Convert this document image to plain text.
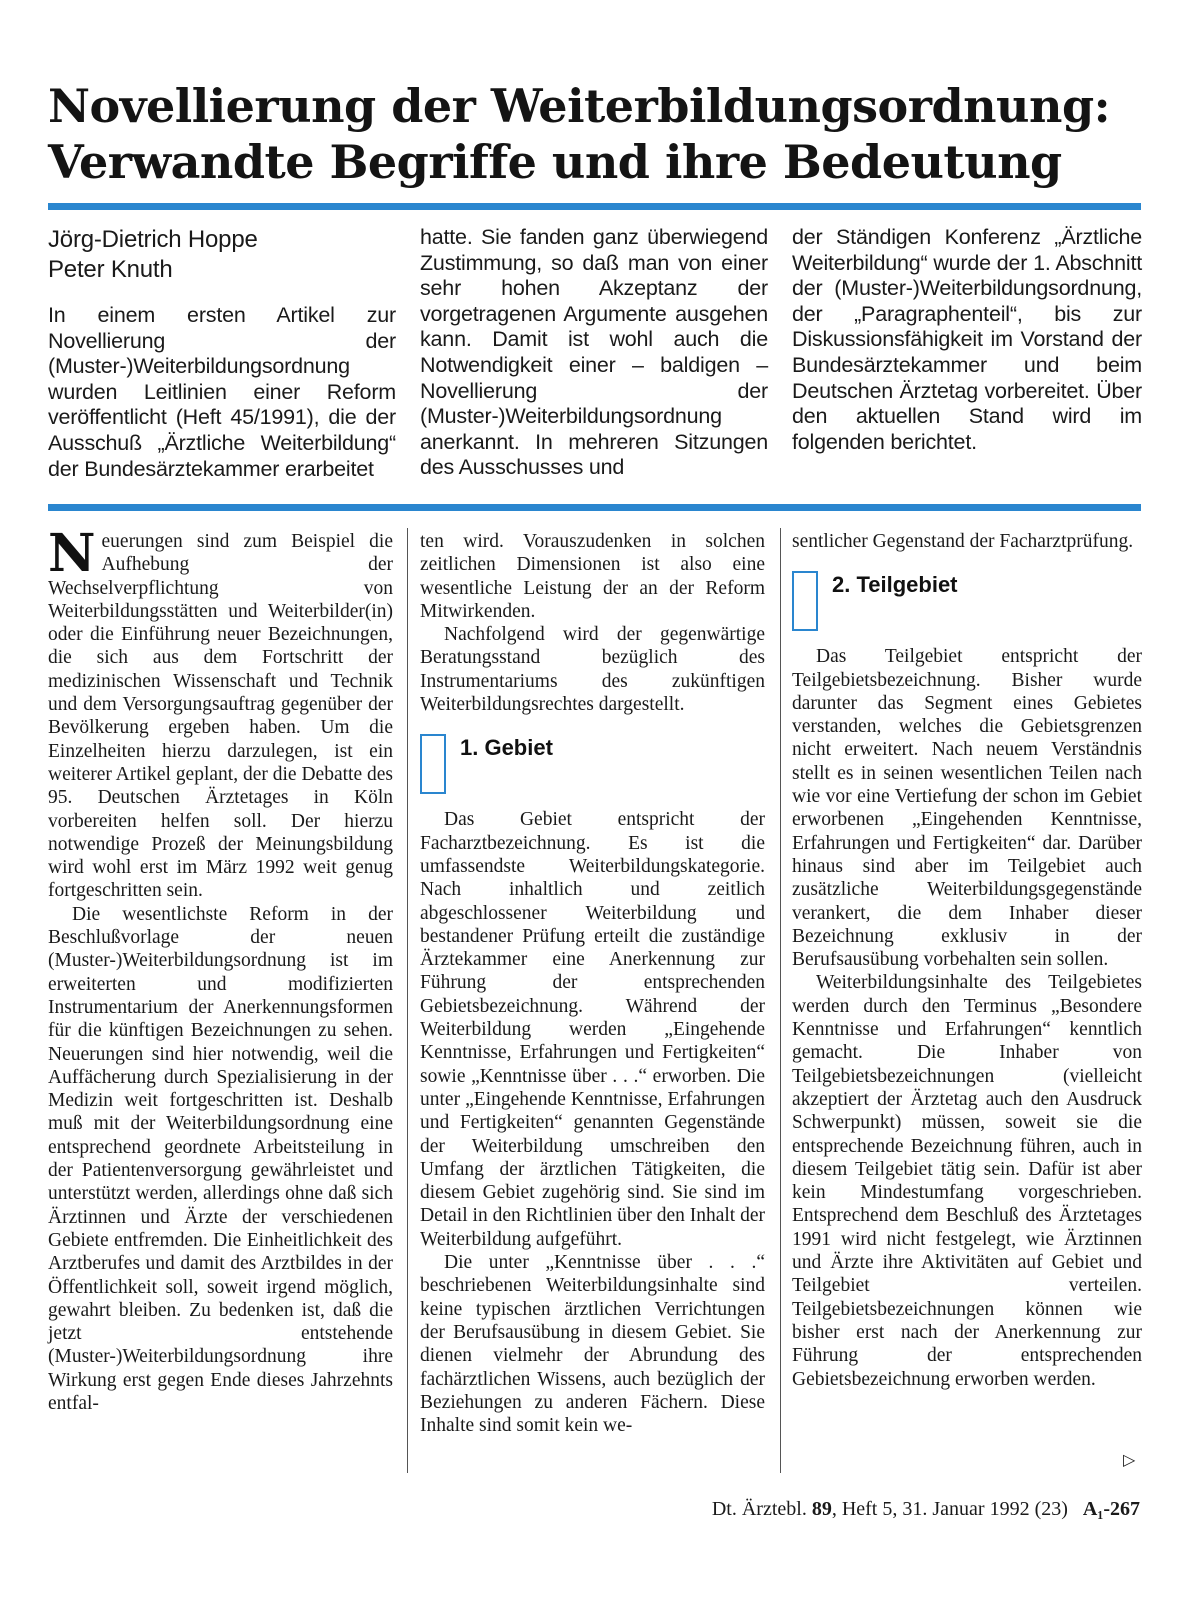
Novellierung der Weiterbildungsordnung:
Verwandte Begriffe und ihre Bedeutung
Jörg-Dietrich Hoppe
Peter Knuth

In einem ersten Artikel zur Novellierung der (Muster-)Weiterbildungsordnung wurden Leitlinien einer Reform veröffentlicht (Heft 45/1991), die der Ausschuß „Ärztliche Weiterbildung“ der Bundesärztekammer erarbeitet

hatte. Sie fanden ganz überwiegend Zustimmung, so daß man von einer sehr hohen Akzeptanz der vorgetragenen Argumente ausgehen kann. Damit ist wohl auch die Notwendigkeit einer – baldigen – Novellierung der (Muster-)Weiterbildungsordnung anerkannt. In mehreren Sitzungen des Ausschusses und

der Ständigen Konferenz „Ärztliche Weiterbildung“ wurde der 1. Abschnitt der (Muster-)Weiterbildungsordnung, der „Paragraphenteil“, bis zur Diskussionsfähigkeit im Vorstand der Bundesärztekammer und beim Deutschen Ärztetag vorbereitet. Über den aktuellen Stand wird im folgenden berichtet.

Neuerungen sind zum Beispiel die Aufhebung der Wechselverpflichtung von Weiterbildungsstätten und Weiterbilder(in) oder die Einführung neuer Bezeichnungen, die sich aus dem Fortschritt der medizinischen Wissenschaft und Technik und dem Versorgungsauftrag gegenüber der Bevölkerung ergeben haben. Um die Einzelheiten hierzu darzulegen, ist ein weiterer Artikel geplant, der die Debatte des 95. Deutschen Ärztetages in Köln vorbereiten helfen soll. Der hierzu notwendige Prozeß der Meinungsbildung wird wohl erst im März 1992 weit genug fortgeschritten sein.

Die wesentlichste Reform in der Beschlußvorlage der neuen (Muster-)Weiterbildungsordnung ist im erweiterten und modifizierten Instrumentarium der Anerkennungsformen für die künftigen Bezeichnungen zu sehen. Neuerungen sind hier notwendig, weil die Auffächerung durch Spezialisierung in der Medizin weit fortgeschritten ist. Deshalb muß mit der Weiterbildungsordnung eine entsprechend geordnete Arbeitsteilung in der Patientenversorgung gewährleistet und unterstützt werden, allerdings ohne daß sich Ärztinnen und Ärzte der verschiedenen Gebiete entfremden. Die Einheitlichkeit des Arztberufes und damit des Arztbildes in der Öffentlichkeit soll, soweit irgend möglich, gewahrt bleiben. Zu bedenken ist, daß die jetzt entstehende (Muster-)Weiterbildungsordnung ihre Wirkung erst gegen Ende dieses Jahrzehnts entfal-

ten wird. Vorauszudenken in solchen zeitlichen Dimensionen ist also eine wesentliche Leistung der an der Reform Mitwirkenden.

Nachfolgend wird der gegenwärtige Beratungsstand bezüglich des Instrumentariums des zukünftigen Weiterbildungsrechtes dargestellt.

1. Gebiet

Das Gebiet entspricht der Facharztbezeichnung. Es ist die umfassendste Weiterbildungskategorie. Nach inhaltlich und zeitlich abgeschlossener Weiterbildung und bestandener Prüfung erteilt die zuständige Ärztekammer eine Anerkennung zur Führung der entsprechenden Gebietsbezeichnung. Während der Weiterbildung werden „Eingehende Kenntnisse, Erfahrungen und Fertigkeiten“ sowie „Kenntnisse über . . .“ erworben. Die unter „Eingehende Kenntnisse, Erfahrungen und Fertigkeiten“ genannten Gegenstände der Weiterbildung umschreiben den Umfang der ärztlichen Tätigkeiten, die diesem Gebiet zugehörig sind. Sie sind im Detail in den Richtlinien über den Inhalt der Weiterbildung aufgeführt.

Die unter „Kenntnisse über . . .“ beschriebenen Weiterbildungsinhalte sind keine typischen ärztlichen Verrichtungen der Berufsausübung in diesem Gebiet. Sie dienen vielmehr der Abrundung des fachärztlichen Wissens, auch bezüglich der Beziehungen zu anderen Fächern. Diese Inhalte sind somit kein we-

sentlicher Gegenstand der Facharztprüfung.

2. Teilgebiet

Das Teilgebiet entspricht der Teilgebietsbezeichnung. Bisher wurde darunter das Segment eines Gebietes verstanden, welches die Gebietsgrenzen nicht erweitert. Nach neuem Verständnis stellt es in seinen wesentlichen Teilen nach wie vor eine Vertiefung der schon im Gebiet erworbenen „Eingehenden Kenntnisse, Erfahrungen und Fertigkeiten“ dar. Darüber hinaus sind aber im Teilgebiet auch zusätzliche Weiterbildungsgegenstände verankert, die dem Inhaber dieser Bezeichnung exklusiv in der Berufsausübung vorbehalten sein sollen.

Weiterbildungsinhalte des Teilgebietes werden durch den Terminus „Besondere Kenntnisse und Erfahrungen“ kenntlich gemacht. Die Inhaber von Teilgebietsbezeichnungen (vielleicht akzeptiert der Ärztetag auch den Ausdruck Schwerpunkt) müssen, soweit sie die entsprechende Bezeichnung führen, auch in diesem Teilgebiet tätig sein. Dafür ist aber kein Mindestumfang vorgeschrieben. Entsprechend dem Beschluß des Ärztetages 1991 wird nicht festgelegt, wie Ärztinnen und Ärzte ihre Aktivitäten auf Gebiet und Teilgebiet verteilen. Teilgebietsbezeichnungen können wie bisher erst nach der Anerkennung zur Führung der entsprechenden Gebietsbezeichnung erworben werden.

▷
Dt. Ärztebl. 89, Heft 5, 31. Januar 1992 (23) A₁-267
